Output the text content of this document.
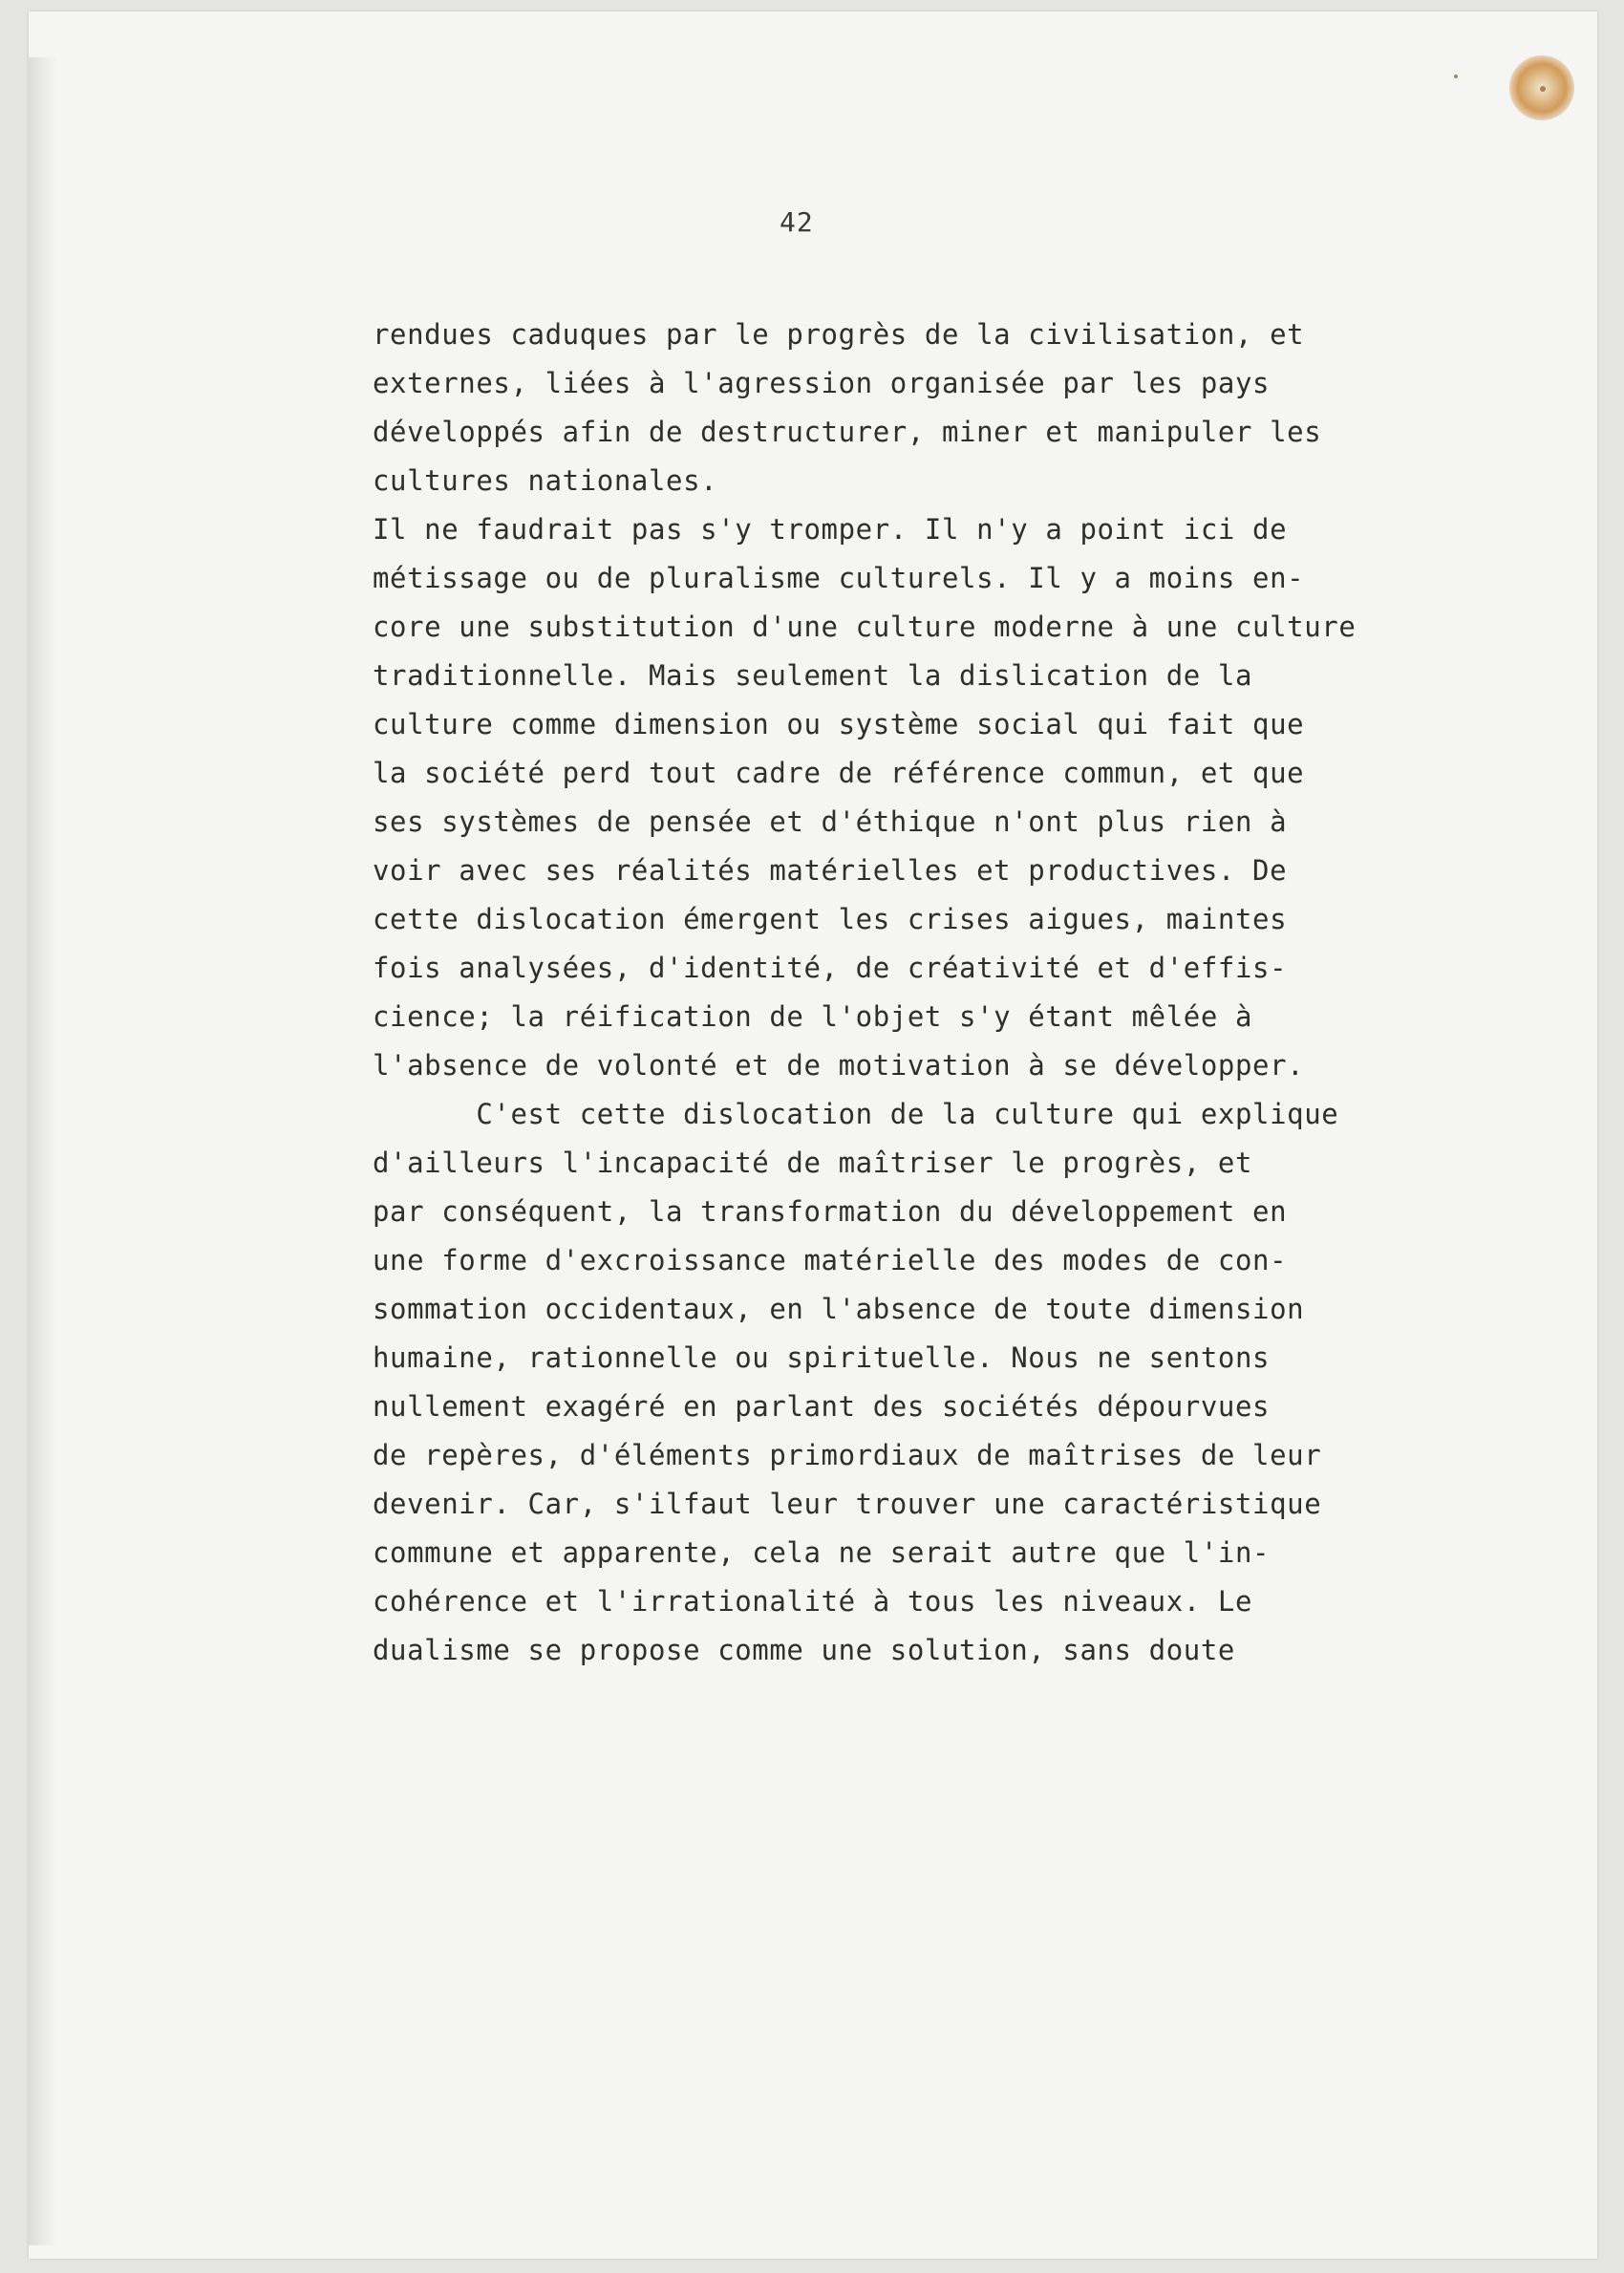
42
rendues caduques par le progrès de la civilisation, et
externes, liées à l'agression organisée par les pays
développés afin de destructurer, miner et manipuler les
cultures nationales.
Il ne faudrait pas s'y tromper. Il n'y a point ici de
métissage ou de pluralisme culturels. Il y a moins en-
core une substitution d'une culture moderne à une culture
traditionnelle. Mais seulement la dislication de la
culture comme dimension ou système social qui fait que
la société perd tout cadre de référence commun, et que
ses systèmes de pensée et d'éthique n'ont plus rien à
voir avec ses réalités matérielles et productives. De
cette dislocation émergent les crises aigues, maintes
fois analysées, d'identité, de créativité et d'effis-
cience; la réification de l'objet s'y étant mêlée à
l'absence de volonté et de motivation à se développer.
C'est cette dislocation de la culture qui explique
d'ailleurs l'incapacité de maîtriser le progrès, et
par conséquent, la transformation du développement en
une forme d'excroissance matérielle des modes de con-
sommation occidentaux, en l'absence de toute dimension
humaine, rationnelle ou spirituelle. Nous ne sentons
nullement exagéré en parlant des sociétés dépourvues
de repères, d'éléments primordiaux de maîtrises de leur
devenir. Car, s'ilfaut leur trouver une caractéristique
commune et apparente, cela ne serait autre que l'in-
cohérence et l'irrationalité à tous les niveaux. Le
dualisme se propose comme une solution, sans doute
